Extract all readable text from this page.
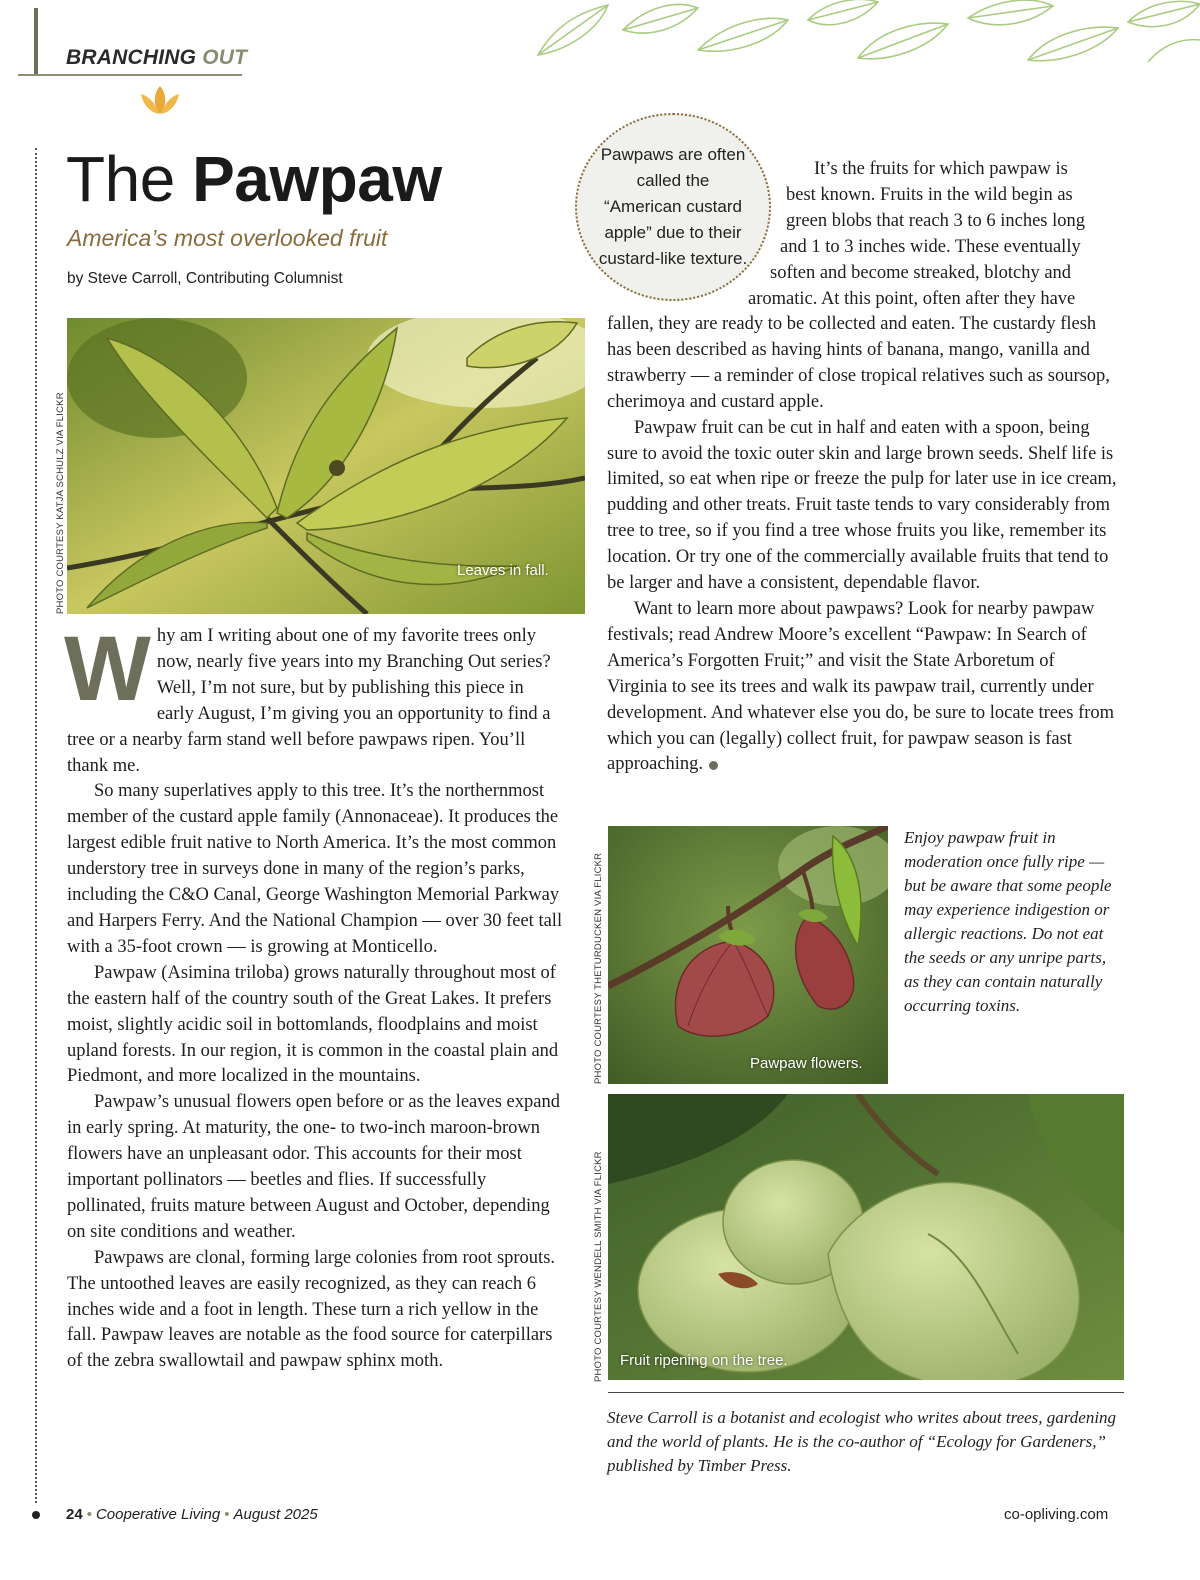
BRANCHING OUT
The Pawpaw
America’s most overlooked fruit
by Steve Carroll, Contributing Columnist
Leaves in fall.
PHOTO COURTESY KATJA SCHULZ VIA FLICKR

Why am I writing about one of my favorite trees only now, nearly five years into my Branching Out series? Well, I’m not sure, but by publishing this piece in early August, I’m giving you an opportunity to find a tree or a nearby farm stand well before pawpaws ripen. You’ll thank me.

So many superlatives apply to this tree. It’s the northernmost member of the custard apple family (Annonaceae). It produces the largest edible fruit native to North America. It’s the most common understory tree in surveys done in many of the region’s parks, including the C&O Canal, George Washington Memorial Parkway and Harpers Ferry. And the National Champion — over 30 feet tall with a 35-foot crown — is growing at Monticello.

Pawpaw (Asimina triloba) grows naturally throughout most of the eastern half of the country south of the Great Lakes. It prefers moist, slightly acidic soil in bottomlands, floodplains and moist upland forests. In our region, it is common in the coastal plain and Piedmont, and more localized in the mountains.

Pawpaw’s unusual flowers open before or as the leaves expand in early spring. At maturity, the one- to two-inch maroon-brown flowers have an unpleasant odor. This accounts for their most important pollinators — beetles and flies. If successfully pollinated, fruits mature between August and October, depending on site conditions and weather.

Pawpaws are clonal, forming large colonies from root sprouts. The untoothed leaves are easily recognized, as they can reach 6 inches wide and a foot in length. These turn a rich yellow in the fall. Pawpaw leaves are notable as the food source for caterpillars of the zebra swallowtail and pawpaw sphinx moth.

Pawpaws are often called the “American custard apple” due to their custard-like texture.
It’s the fruits for which pawpaw is
best known. Fruits in the wild begin as
green blobs that reach 3 to 6 inches long
and 1 to 3 inches wide. These eventually
soften and become streaked, blotchy and
aromatic. At this point, often after they have

fallen, they are ready to be collected and eaten. The custardy flesh has been described as having hints of banana, mango, vanilla and strawberry — a reminder of close tropical relatives such as soursop, cherimoya and custard apple.

Pawpaw fruit can be cut in half and eaten with a spoon, being sure to avoid the toxic outer skin and large brown seeds. Shelf life is limited, so eat when ripe or freeze the pulp for later use in ice cream, pudding and other treats. Fruit taste tends to vary considerably from tree to tree, so if you find a tree whose fruits you like, remember its location. Or try one of the commercially available fruits that tend to be larger and have a consistent, dependable flavor.

Want to learn more about pawpaws? Look for nearby pawpaw festivals; read Andrew Moore’s excellent “Pawpaw: In Search of America’s Forgotten Fruit;” and visit the State Arboretum of Virginia to see its trees and walk its pawpaw trail, currently under development. And whatever else you do, be sure to locate trees from which you can (legally) collect fruit, for pawpaw season is fast approaching.

Pawpaw flowers.
PHOTO COURTESY THETURDUCKEN VIA FLICKR
Enjoy pawpaw fruit in moderation once fully ripe — but be aware that some people may experience indigestion or allergic reactions. Do not eat the seeds or any unripe parts, as they can contain naturally occurring toxins.
Fruit ripening on the tree.
PHOTO COURTESY WENDELL SMITH VIA FLICKR
Steve Carroll is a botanist and ecologist who writes about trees, gardening and the world of plants. He is the co-author of “Ecology for Gardeners,” published by Timber Press.
24 • Cooperative Living • August 2025	co-opliving.com
